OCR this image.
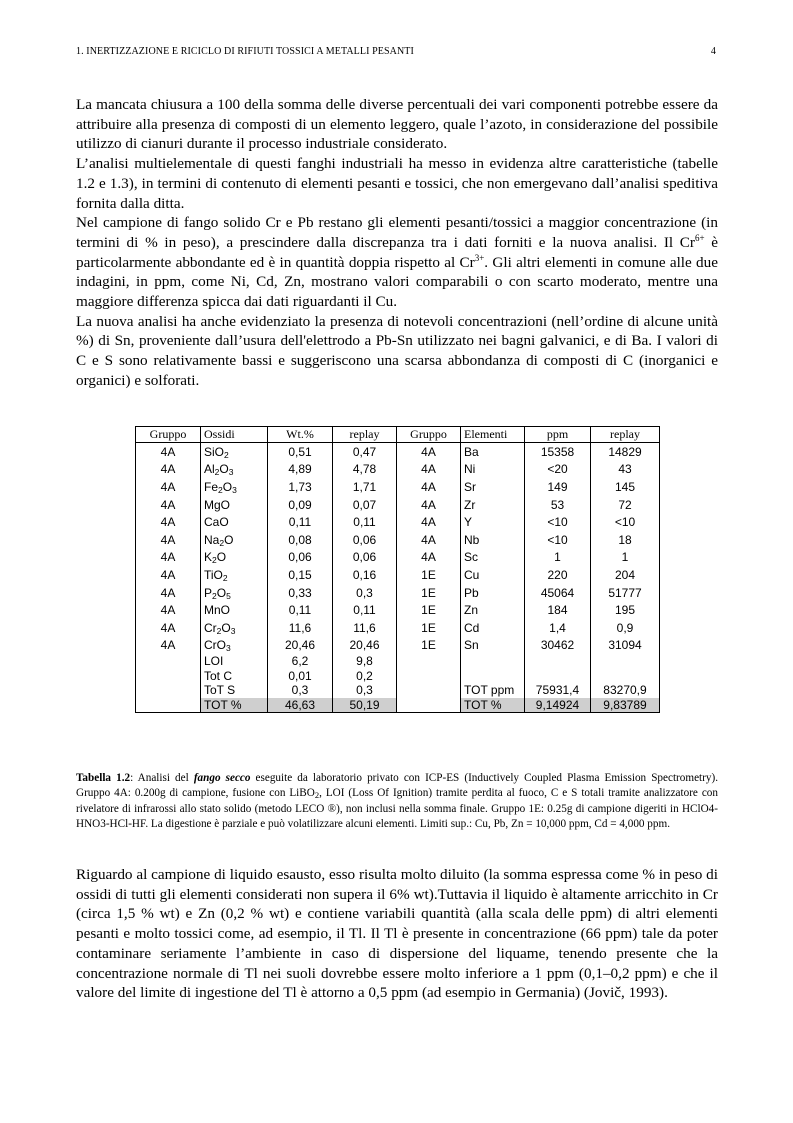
1. INERTIZZAZIONE E RICICLO DI RIFIUTI TOSSICI A METALLI PESANTI	4

La mancata chiusura a 100 della somma delle diverse percentuali dei vari componenti potrebbe essere da attribuire alla presenza di composti di un elemento leggero, quale l’azoto, in considerazione del possibile utilizzo di cianuri durante il processo industriale considerato.

L’analisi multielementale di questi fanghi industriali ha messo in evidenza altre caratteristiche (tabelle 1.2 e 1.3), in termini di contenuto di elementi pesanti e tossici, che non emergevano dall’analisi speditiva fornita dalla ditta.

Nel campione di fango solido Cr e Pb restano gli elementi pesanti/tossici a maggior concentrazione (in termini di % in peso), a prescindere dalla discrepanza tra i dati forniti e la nuova analisi. Il $Cr^{6+}$ è particolarmente abbondante ed è in quantità doppia rispetto al $Cr^{3+}$. Gli altri elementi in comune alle due indagini, in ppm, come Ni, Cd, Zn, mostrano valori comparabili o con scarto moderato, mentre una maggiore differenza spicca dai dati riguardanti il Cu.

La nuova analisi ha anche evidenziato la presenza di notevoli concentrazioni (nell’ordine di alcune unità %) di Sn, proveniente dall’usura dell'elettrodo a Pb-Sn utilizzato nei bagni galvanici, e di Ba. I valori di C e S sono relativamente bassi e suggeriscono una scarsa abbondanza di composti di C (inorganici e organici) e solforati.

Gruppo	Ossidi	Wt.%	replay	Gruppo	Elementi	ppm	replay
4A	SiO$_2$	0,51	0,47	4A	Ba	15358	14829
4A	$Al_2O_3$	4,89	4,78	4A	Ni	<20	43
4A	$Fe_2O_3$	1,73	1,71	4A	Sr	149	145
4A	MgO	0,09	0,07	4A	Zr	53	72
4A	CaO	0,11	0,11	4A	Y	<10	<10
4A	$Na_2O$	0,08	0,06	4A	Nb	<10	18
4A	$K_2O$	0,06	0,06	4A	Sc	1	1
4A	TiO$_2$	0,15	0,16	1E	Cu	220	204
4A	$P_2O_5$	0,33	0,3	1E	Pb	45064	51777
4A	MnO	0,11	0,11	1E	Zn	184	195
4A	$Cr_2O_3$	11,6	11,6	1E	Cd	1,4	0,9
4A	CrO$_3$	20,46	20,46	1E	Sn	30462	31094
	LOI	6,2	9,8				
	Tot C	0,01	0,2				
	ToT S	0,3	0,3		TOT ppm	75931,4	83270,9
	TOT %	46,63	50,19		TOT %	9,14924	9,83789
Tabella 1.2: Analisi del fango secco eseguite da laboratorio privato con ICP-ES (Inductively Coupled Plasma Emission Spectrometry). Gruppo 4A: 0.200g di campione, fusione con LiBO$_2$, LOI (Loss Of Ignition) tramite perdita al fuoco, C e S totali tramite analizzatore con rivelatore di infrarossi allo stato solido (metodo LECO ®), non inclusi nella somma finale. Gruppo 1E: 0.25g di campione digeriti in HClO4-HNO3-HCl-HF. La digestione è parziale e può volatilizzare alcuni elementi. Limiti sup.: Cu, Pb, Zn = 10,000 ppm, Cd = 4,000 ppm.

Riguardo al campione di liquido esausto, esso risulta molto diluito (la somma espressa come % in peso di ossidi di tutti gli elementi considerati non supera il 6% wt).Tuttavia il liquido è altamente arricchito in Cr (circa 1,5 % wt) e Zn (0,2 % wt) e contiene variabili quantità (alla scala delle ppm) di altri elementi pesanti e molto tossici come, ad esempio, il Tl. Il Tl è presente in concentrazione (66 ppm) tale da poter contaminare seriamente l’ambiente in caso di dispersione del liquame, tenendo presente che la concentrazione normale di Tl nei suoli dovrebbe essere molto inferiore a 1 ppm (0,1–0,2 ppm) e che il valore del limite di ingestione del Tl è attorno a 0,5 ppm (ad esempio in Germania) (Jovič, 1993).
